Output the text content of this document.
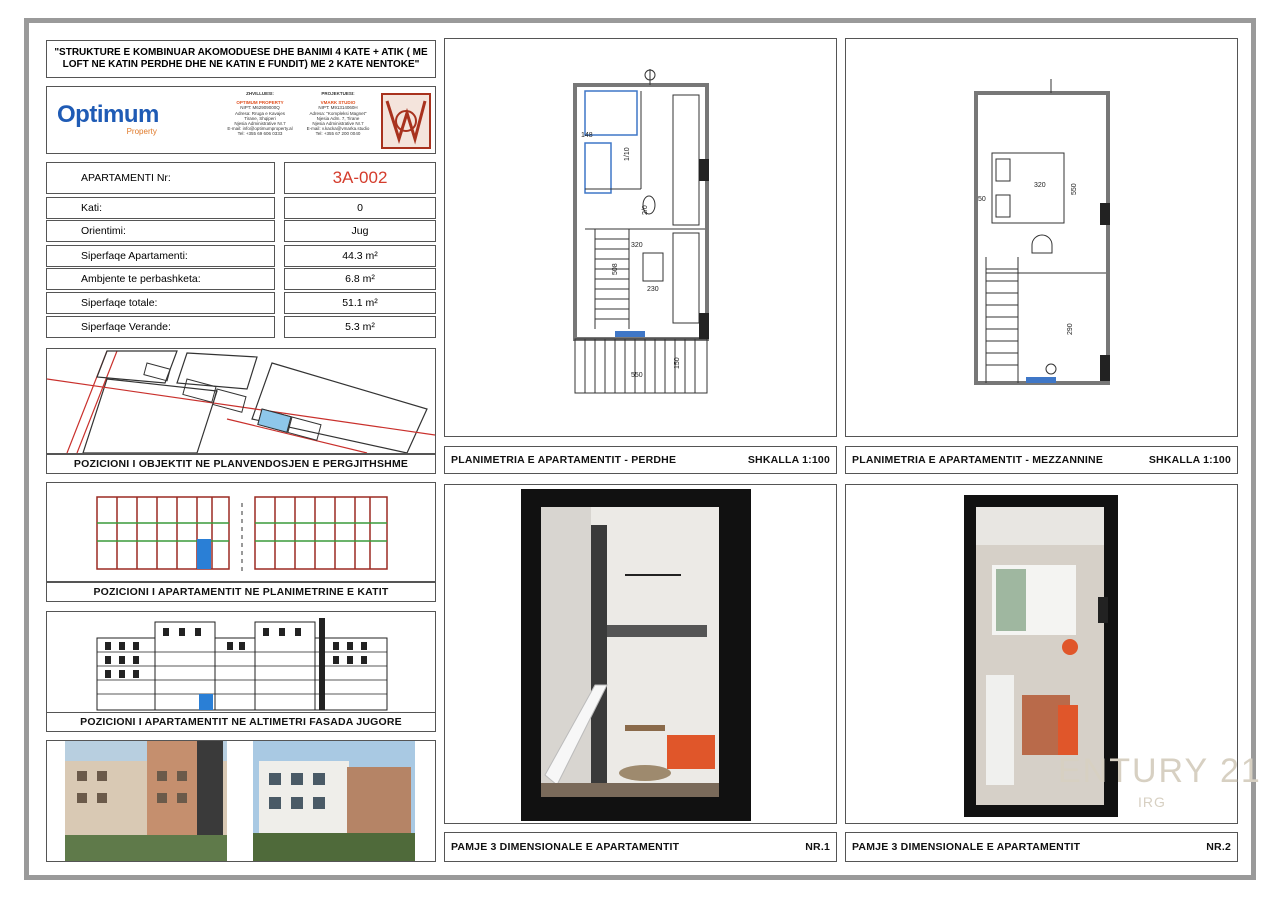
"STRUKTURE E KOMBINUAR AKOMODUESE DHE BANIMI 4 KATE + ATIK ( ME LOFT NE KATIN PERDHE DHE NE KATIN E FUNDIT) ME 2 KATE NENTOKE"
Optimum
Property
ZHVILLUESI:
OPTIMUM PROPERTY
NIPT: M62909000Q
Adresa: Rruga e Kavajes
Tirane, Shqiperi
Njesia Administrative Nr.7
E-mail: info@optimumproperty.al
Tel: +355 69 606 0333
PROJEKTUESI:
VMARK STUDIO
NIPT: M91314060H
Adresa: "Kompleksi Magnet"
Njesia Adm. 7, Tirane
Njesia Administrative Nr.7
E-mail: v.kacka@vmarka.studio
Tel: +355 67 200 0040
APARTAMENTI Nr:	3A-002
Kati:	0
Orientimi:	Jug
Siperfaqe Apartamenti:	44.3 m²
Ambjente te perbashketa:	6.8 m²
Siperfaqe totale:	51.1 m²
Siperfaqe Verande:	5.3 m²
POZICIONI I OBJEKTIT NE PLANVENDOSJEN E PERGJITHSHME
POZICIONI I APARTAMENTIT NE PLANIMETRINE E KATIT
POZICIONI I APARTAMENTIT NE ALTIMETRI FASADA JUGORE
148
320
508
230
550
150
1/10
2/0
PLANIMETRIA E APARTAMENTIT - PERDHE	SHKALLA 1:100
320
50
290
550
PLANIMETRIA E APARTAMENTIT - MEZZANNINE	SHKALLA 1:100
PAMJE 3 DIMENSIONALE E APARTAMENTIT	NR.1 PAMJE 3 DIMENSIONALE E APARTAMENTIT	NR.2
ENTURY 21
IRG
